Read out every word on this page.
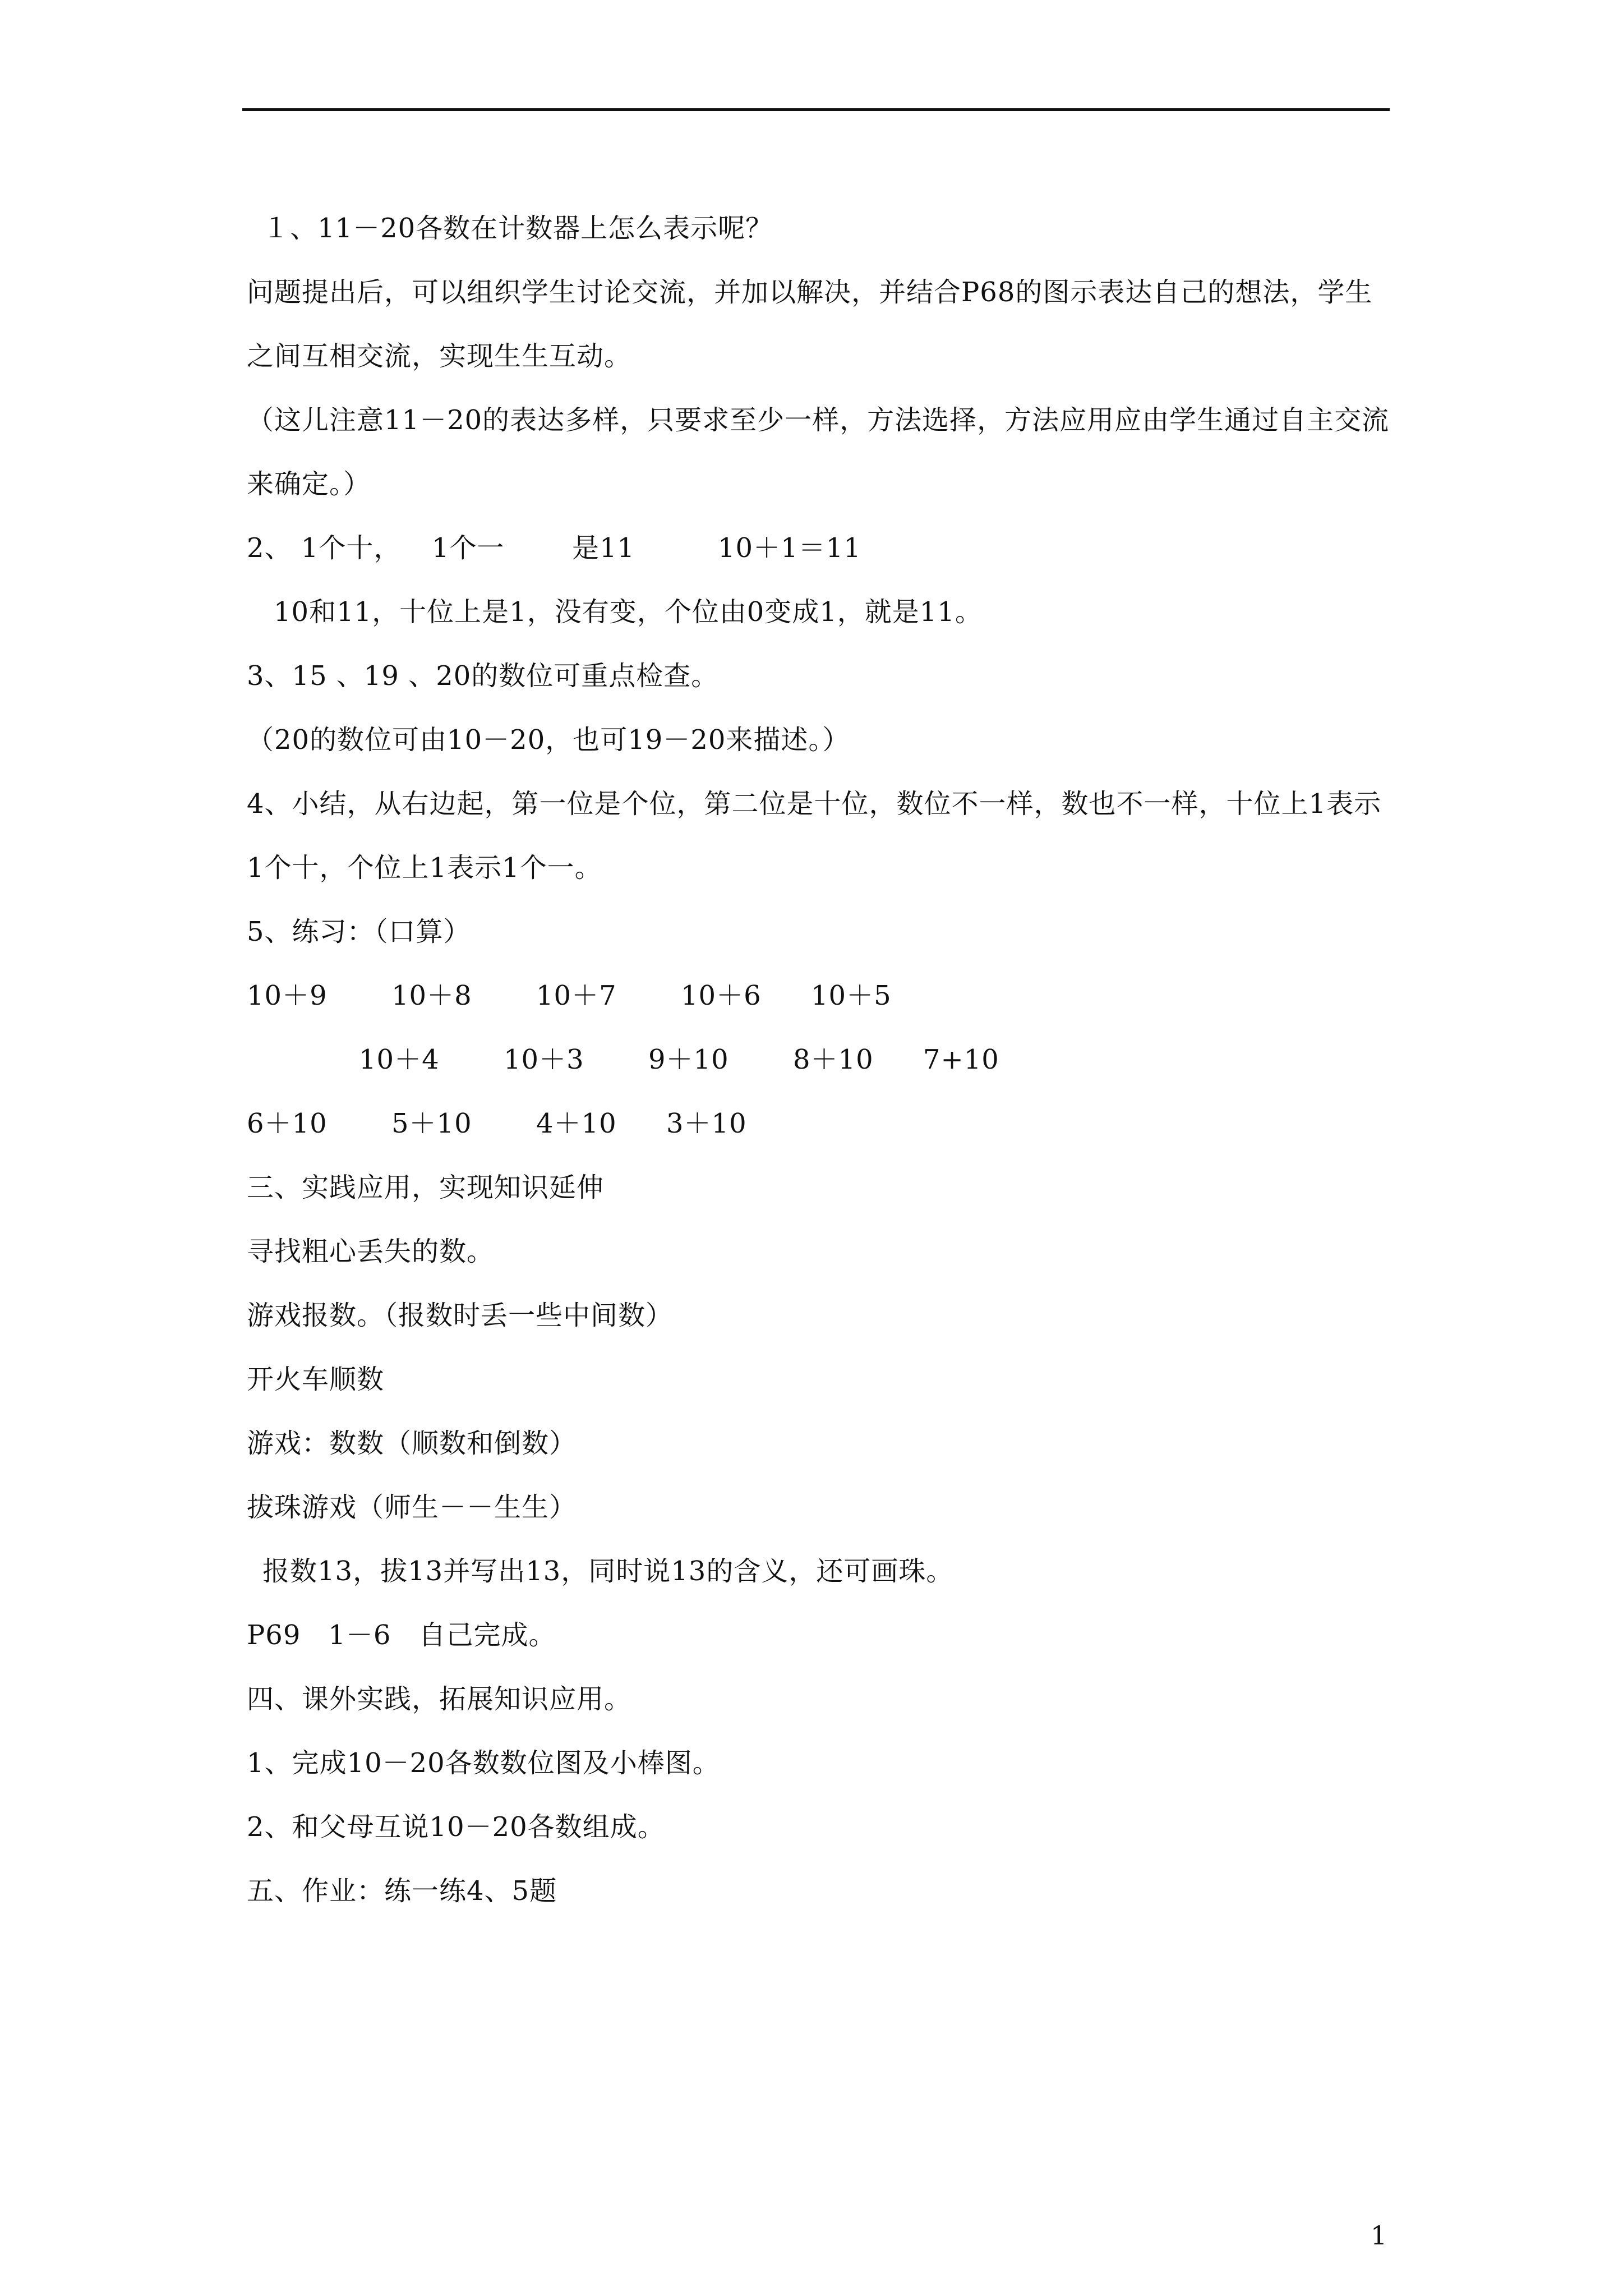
１、11－20各数在计数器上怎么表示呢？
问题提出后，可以组织学生讨论交流，并加以解决，并结合P68的图示表达自己的想法，学生之间互相交流，实现生生互动。
（这儿注意11－20的表达多样，只要求至少一样，方法选择，方法应用应由学生通过自主交流来确定。）
2、 1个十， 1个一	是11	10＋1＝11
10和11，十位上是1，没有变，个位由0变成1，就是11。
3、15 、19 、20的数位可重点检查。
（20的数位可由10－20，也可19－20来描述。）
4、小结，从右边起，第一位是个位，第二位是十位，数位不一样，数也不一样，十位上1表示1个十，个位上1表示1个一。
5、练习：（口算）
10＋9 10＋8 10＋7 10＋6 10＋5
10＋4 10＋3 9＋10 8＋10 7+10
6＋10 5＋10 4＋10 3＋10
三、实践应用，实现知识延伸
寻找粗心丢失的数。
游戏报数。（报数时丢一些中间数）
开火车顺数
游戏：数数（顺数和倒数）
拔珠游戏（师生－－生生）
报数13，拔13并写出13，同时说13的含义，还可画珠。
P69　1－6　自己完成。
四、课外实践，拓展知识应用。
1、完成10－20各数数位图及小棒图。
2、和父母互说10－20各数组成。
五、作业：练一练4、5题
1
